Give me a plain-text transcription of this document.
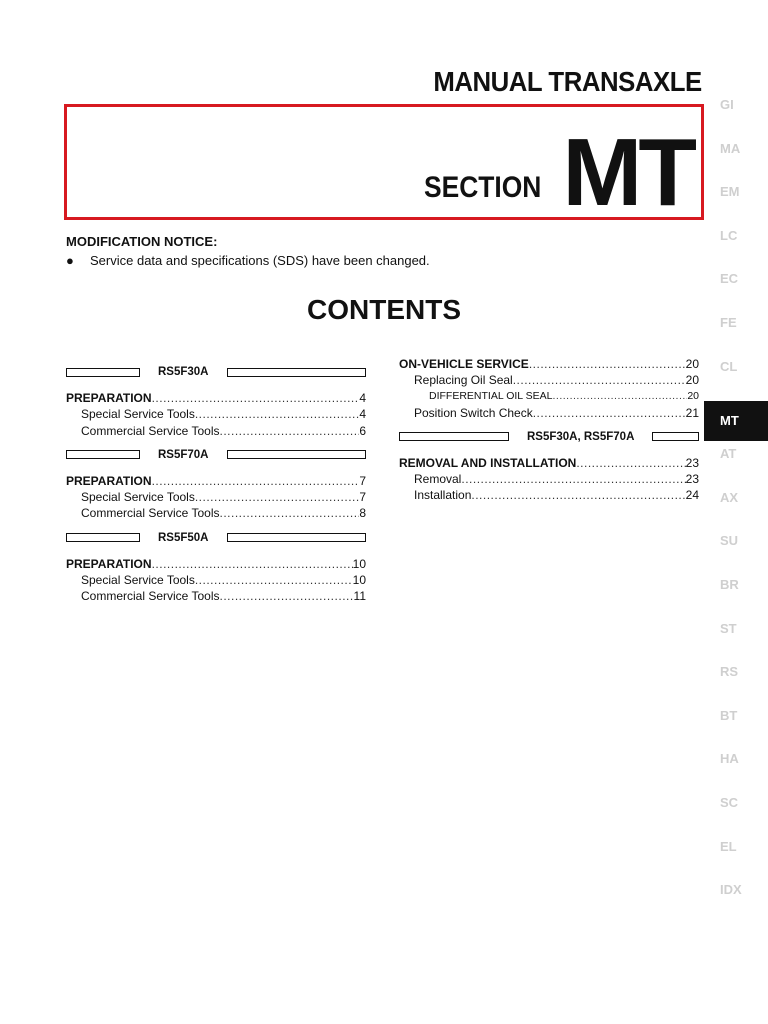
MANUAL TRANSAXLE
SECTION MT
MODIFICATION NOTICE:
● Service data and specifications (SDS) have been changed.
CONTENTS
RS5F30A
PREPARATION .....	4
Special Service Tools .....	4
Commercial Service Tools .....	6
RS5F70A
PREPARATION .....	7
Special Service Tools .....	7
Commercial Service Tools .....	8
RS5F50A
PREPARATION .....	10
Special Service Tools .....	10
Commercial Service Tools .....	11
ON-VEHICLE SERVICE .....	20
Replacing Oil Seal .....	20
DIFFERENTIAL OIL SEAL .....	20
Position Switch Check .....	21
RS5F30A, RS5F70A
REMOVAL AND INSTALLATION .....	23
Removal .....	23
Installation .....	24
GI
MA
EM
LC
EC
FE
CL
MT
AT
AX
SU
BR
ST
RS
BT
HA
SC
EL
IDX
